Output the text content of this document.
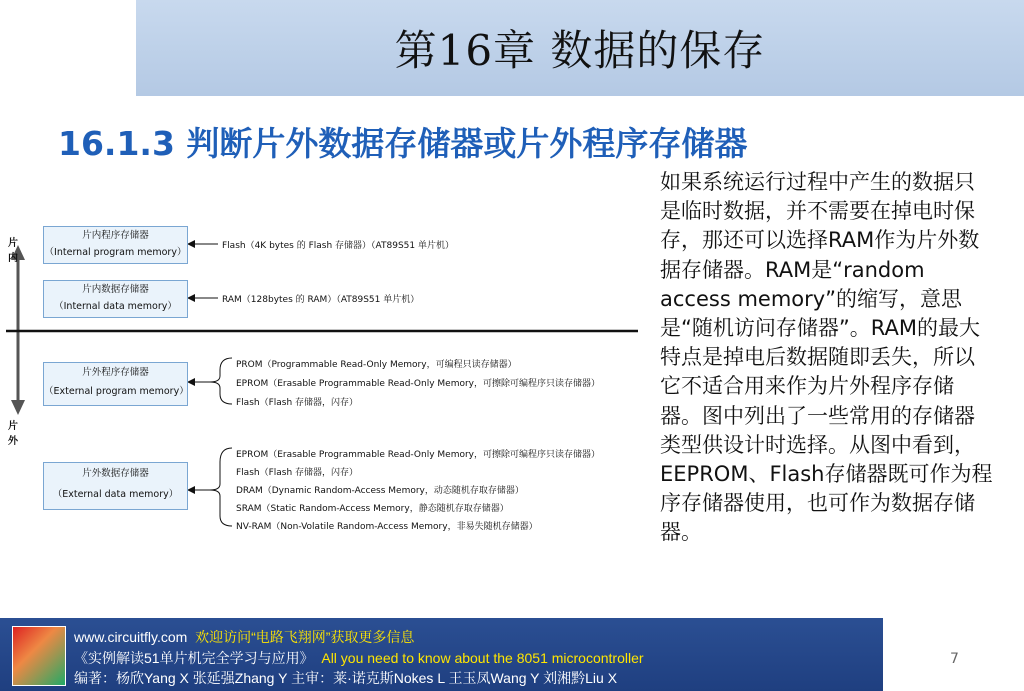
第16章 数据的保存
16.1.3 判断片外数据存储器或片外程序存储器
如果系统运行过程中产生的数据只是临时数据，并不需要在掉电时保存，那还可以选择RAM作为片外数据存储器。RAM是“random access memory”的缩写，意思是“随机访问存储器”。RAM的最大特点是掉电后数据随即丢失，所以它不适合用来作为片外程序存储器。图中列出了一些常用的存储器类型供设计时选择。从图中看到，EEPROM、Flash存储器既可作为程序存储器使用，也可作为数据存储器。
片内
片外
片内程序存储器
（Internal program memory）
片内数据存储器
（Internal data memory）
片外程序存储器
（External program memory）
片外数据存储器
（External data memory）
Flash（4K bytes 的 Flash 存储器）（AT89S51 单片机）
RAM（128bytes 的 RAM）（AT89S51 单片机）
PROM（Programmable Read-Only Memory，可编程只读存储器）
EPROM（Erasable Programmable Read-Only Memory，可擦除可编程序只读存储器）
Flash（Flash 存储器，闪存）
EPROM（Erasable Programmable Read-Only Memory，可擦除可编程序只读存储器）
Flash（Flash 存储器，闪存）
DRAM（Dynamic Random-Access Memory，动态随机存取存储器）
SRAM（Static Random-Access Memory，静态随机存取存储器）
NV-RAM（Non-Volatile Random-Access Memory，非易失随机存储器）
www.circuitfly.com 欢迎访问“电路飞翔网”获取更多信息
《实例解读51单片机完全学习与应用》 All you need to know about the 8051 microcontroller
编著：杨欣Yang X 张延强Zhang Y 主审：莱·诺克斯Nokes L 王玉凤Wang Y 刘湘黔Liu X
7
